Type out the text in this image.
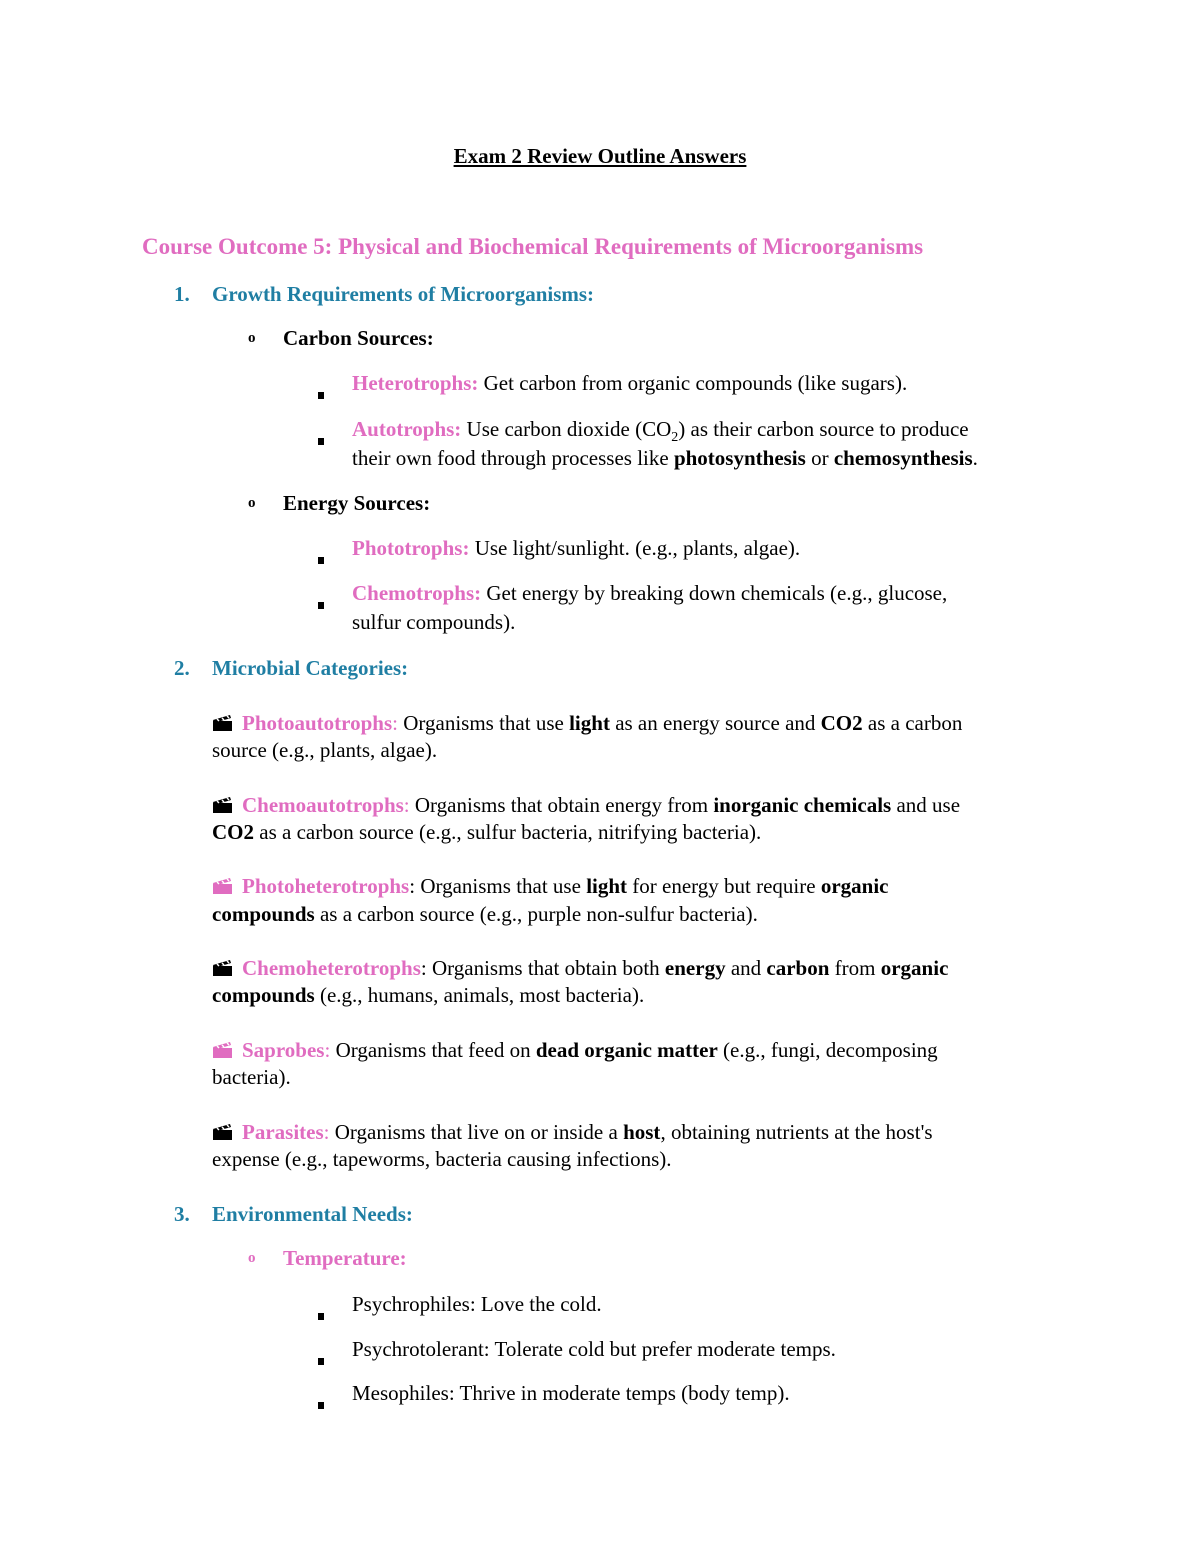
Exam 2 Review Outline Answers
Course Outcome 5: Physical and Biochemical Requirements of Microorganisms
1. Growth Requirements of Microorganisms:
o Carbon Sources:
Heterotrophs: Get carbon from organic compounds (like sugars).
Autotrophs: Use carbon dioxide $(CO_2)$ as their carbon source to produce
their own food through processes like photosynthesis or chemosynthesis.
o Energy Sources:
Phototrophs: Use light/sunlight. (e.g., plants, algae).
Chemotrophs: Get energy by breaking down chemicals (e.g., glucose,
sulfur compounds).
2. Microbial Categories:
Photoautotrophs: Organisms that use light as an energy source and CO2 as a carbon
source (e.g., plants, algae).
Chemoautotrophs: Organisms that obtain energy from inorganic chemicals and use
CO2 as a carbon source (e.g., sulfur bacteria, nitrifying bacteria).
Photoheterotrophs: Organisms that use light for energy but require organic
compounds as a carbon source (e.g., purple non-sulfur bacteria).
Chemoheterotrophs: Organisms that obtain both energy and carbon from organic
compounds (e.g., humans, animals, most bacteria).
Saprobes: Organisms that feed on dead organic matter (e.g., fungi, decomposing
bacteria).
Parasites: Organisms that live on or inside a host, obtaining nutrients at the host's
expense (e.g., tapeworms, bacteria causing infections).
3. Environmental Needs:
o Temperature:
Psychrophiles: Love the cold.
Psychrotolerant: Tolerate cold but prefer moderate temps.
Mesophiles: Thrive in moderate temps (body temp).
